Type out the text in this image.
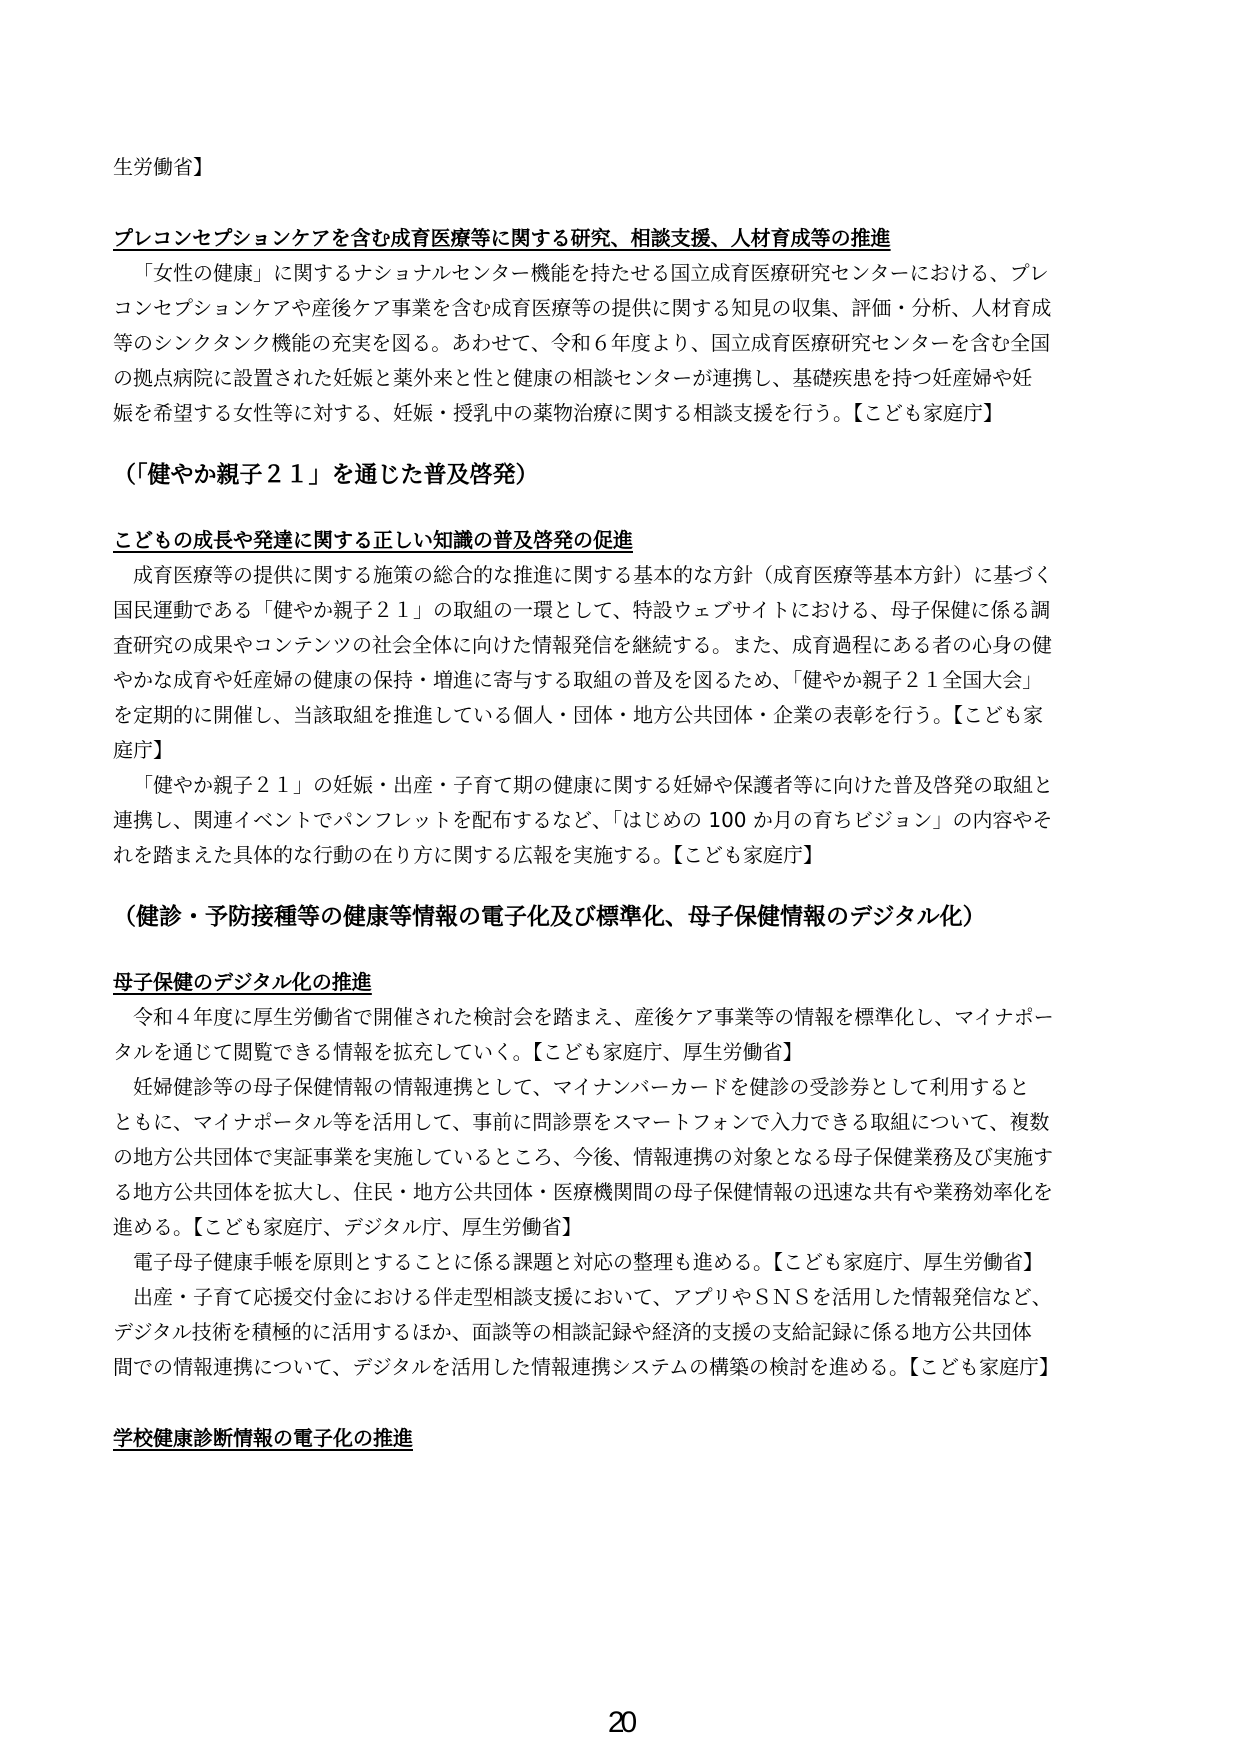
生労働省】

プレコンセプションケアを含む成育医療等に関する研究、相談支援、人材育成等の推進

「女性の健康」に関するナショナルセンター機能を持たせる国立成育医療研究センターにおける、プレ

コンセプションケアや産後ケア事業を含む成育医療等の提供に関する知見の収集、評価・分析、人材育成

等のシンクタンク機能の充実を図る。あわせて、令和６年度より、国立成育医療研究センターを含む全国

の拠点病院に設置された妊娠と薬外来と性と健康の相談センターが連携し、基礎疾患を持つ妊産婦や妊

娠を希望する女性等に対する、妊娠・授乳中の薬物治療に関する相談支援を行う。【こども家庭庁】

（「健やか親子２１」を通じた普及啓発）

こどもの成長や発達に関する正しい知識の普及啓発の促進

成育医療等の提供に関する施策の総合的な推進に関する基本的な方針（成育医療等基本方針）に基づく

国民運動である「健やか親子２１」の取組の一環として、特設ウェブサイトにおける、母子保健に係る調

査研究の成果やコンテンツの社会全体に向けた情報発信を継続する。また、成育過程にある者の心身の健

やかな成育や妊産婦の健康の保持・増進に寄与する取組の普及を図るため、「健やか親子２１全国大会」

を定期的に開催し、当該取組を推進している個人・団体・地方公共団体・企業の表彰を行う。【こども家

庭庁】

「健やか親子２１」の妊娠・出産・子育て期の健康に関する妊婦や保護者等に向けた普及啓発の取組と

連携し、関連イベントでパンフレットを配布するなど、「はじめの 100 か月の育ちビジョン」の内容やそ

れを踏まえた具体的な行動の在り方に関する広報を実施する。【こども家庭庁】

（健診・予防接種等の健康等情報の電子化及び標準化、母子保健情報のデジタル化）

母子保健のデジタル化の推進

令和４年度に厚生労働省で開催された検討会を踏まえ、産後ケア事業等の情報を標準化し、マイナポー

タルを通じて閲覧できる情報を拡充していく。【こども家庭庁、厚生労働省】

妊婦健診等の母子保健情報の情報連携として、マイナンバーカードを健診の受診券として利用すると

ともに、マイナポータル等を活用して、事前に問診票をスマートフォンで入力できる取組について、複数

の地方公共団体で実証事業を実施しているところ、今後、情報連携の対象となる母子保健業務及び実施す

る地方公共団体を拡大し、住民・地方公共団体・医療機関間の母子保健情報の迅速な共有や業務効率化を

進める。【こども家庭庁、デジタル庁、厚生労働省】

電子母子健康手帳を原則とすることに係る課題と対応の整理も進める。【こども家庭庁、厚生労働省】

出産・子育て応援交付金における伴走型相談支援において、アプリやＳＮＳを活用した情報発信など、

デジタル技術を積極的に活用するほか、面談等の相談記録や経済的支援の支給記録に係る地方公共団体

間での情報連携について、デジタルを活用した情報連携システムの構築の検討を進める。【こども家庭庁】

学校健康診断情報の電子化の推進

20
